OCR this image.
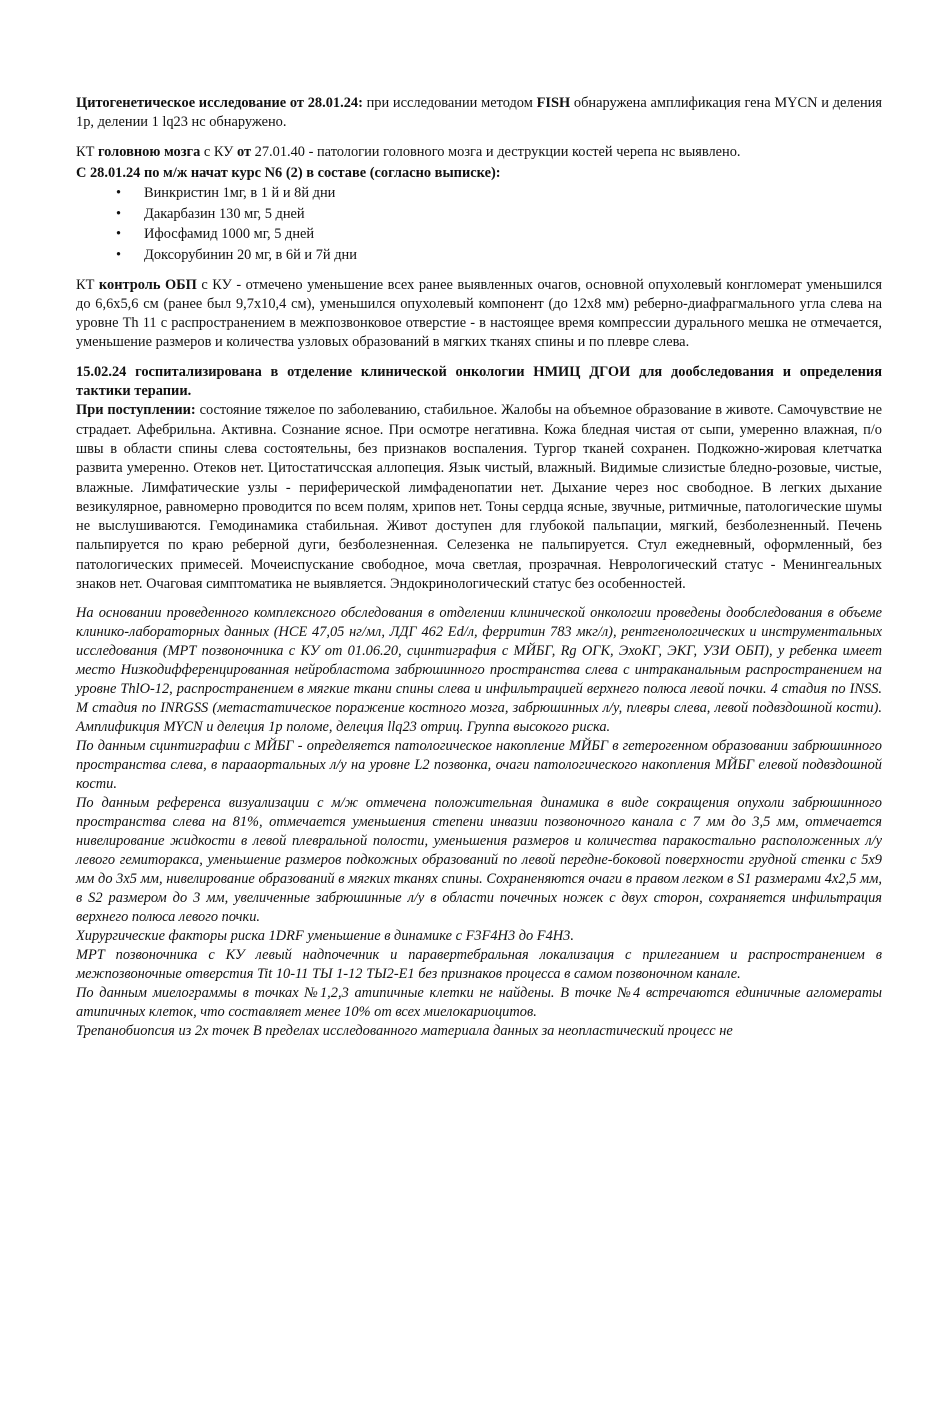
Цитогенетическое исследование от 28.01.24: при исследовании методом FISH обнаружена амплификация гена MYCN и деления 1р, делении 1 lq23 нс обнаружено.

КТ головною мозга с КУ от 27.01.40 - патологии головного мозга и деструкции костей черепа нс выявлено.

С 28.01.24 по м/ж начат курс N6 (2) в составе (согласно выписке):

• Винкристин 1мг, в 1 й и 8й дни
• Дакарбазин 130 мг, 5 дней
• Ифосфамид 1000 мг, 5 дней
• Доксорубинин 20 мг, в 6й и 7й дни

КТ контроль ОБП с КУ - отмечено уменьшение всех ранее выявленных очагов, основной опухолевый конгломерат уменьшился до 6,6х5,6 см (ранее был 9,7х10,4 см), уменьшился опухолевый компонент (до 12х8 мм) реберно-диафрагмального угла слева на уровне Th 11 с распространением в межпозвонковое отверстие - в настоящее время компрессии дурального мешка не отмечается, уменьшение размеров и количества узловых образований в мягких тканях спины и по плевре слева.

15.02.24 госпитализирована в отделение клинической онкологии НМИЦ ДГОИ для дообследования и определения тактики терапии.

При поступлении: состояние тяжелое по заболеванию, стабильное. Жалобы на объемное образование в животе. Самочувствие не страдает. Афебрильна. Активна. Сознание ясное. При осмотре негативна. Кожа бледная чистая от сыпи, умеренно влажная, п/о швы в области спины слева состоятельны, без признаков воспаления. Тургор тканей сохранен. Подкожно-жировая клетчатка развита умеренно. Отеков нет. Цитостатичсская аллопеция. Язык чистый, влажный. Видимые слизистые бледно-розовые, чистые, влажные. Лимфатические узлы - периферической лимфаденопатии нет. Дыхание через нос свободное. В легких дыхание везикулярное, равномерно проводится по всем полям, хрипов нет. Тоны сердца ясные, звучные, ритмичные, патологические шумы не выслушиваются. Гемодинамика стабильная. Живот доступен для глубокой пальпации, мягкий, безболезненный. Печень пальпируется по краю реберной дуги, безболезненная. Селезенка не пальпируется. Стул ежедневный, оформленный, без патологических примесей. Мочеиспускание свободное, моча светлая, прозрачная. Неврологический статус - Менингеальных знаков нет. Очаговая симптоматика не выявляется. Эндокринологический статус без особенностей.

На основании проведенного комплексного обследования в отделении клинической онкологии проведены дообследования в объеме клинико-лабораторных данных (НСЕ 47,05 нг/мл, ЛДГ 462 Ed/л, ферритин 783 мкг/л), рентгенологических и инструментальных исследования (МРТ позвоночника с КУ от 01.06.20, сцинтиграфия с МЙБГ, Rg ОГК, ЭхоКГ, ЭКГ, УЗИ ОБП), у ребенка имеет место Низкодифференцированная нейробластома забрюшинного пространства слева с интраканальным распространением на уровне ThlO-12, распространением в мягкие ткани спины слева и инфильтрацией верхнего полюса левой почки. 4 стадия по INSS. М стадия по INRGSS (метастатическое поражение костного мозга, забрюшинных л/у, плевры слева, левой подвздошной кости). Амплификция MYCN и делеция 1р поломе, делеция llq23 отриц. Группа высокого риска.

По данным сцинтиграфии с МЙБГ - определяется патологическое накопление МЙБГ в гетерогенном образовании забрюшинного пространства слева, в парааортальных л/у на уровне L2 позвонка, очаги патологического накопления МЙБГ елевой подвздошной кости.

По данным референса визуализации с м/ж отмечена положительная динамика в виде сокращения опухоли забрюшинного пространства слева на 81%, отмечается уменьшения степени инвазии позвоночного канала с 7 мм до 3,5 мм, отмечается нивелирование жидкости в левой плевральной полости, уменьшения размеров и количества паракостально расположенных л/у левого гемиторакса, уменьшение размеров подкожных образований по левой передне-боковой поверхности грудной стенки с 5х9 мм до 3х5 мм, нивелирование образований в мягких тканях спины. Сохраненяются очаги в правом легком в S1 размерами 4х2,5 мм, в S2 размером до 3 мм, увеличенные забрюшинные л/у в области почечных ножек с двух сторон, сохраняется инфильтрация верхнего полюса левого почки.

Хирургические факторы риска 1DRF уменьшение в динамике с F3F4H3 до F4H3.

МРТ позвоночника с КУ левый надпочечник и паравертебральная локализация с прилеганием и распространением в межпозвоночные отверстия Tit 10-11 ТЫ 1-12 ТЫ2-Е1 без признаков процесса в самом позвоночном канале.

По данным миелограммы в точках №1,2,3 атипичные клетки не найдены. В точке №4 встречаются единичные агломераты атипичных клеток, что составляет менее 10% от всех миелокариоцитов.

Трепанобиопсия из 2х точек В пределах исследованного материала данных за неопластический процесс не
